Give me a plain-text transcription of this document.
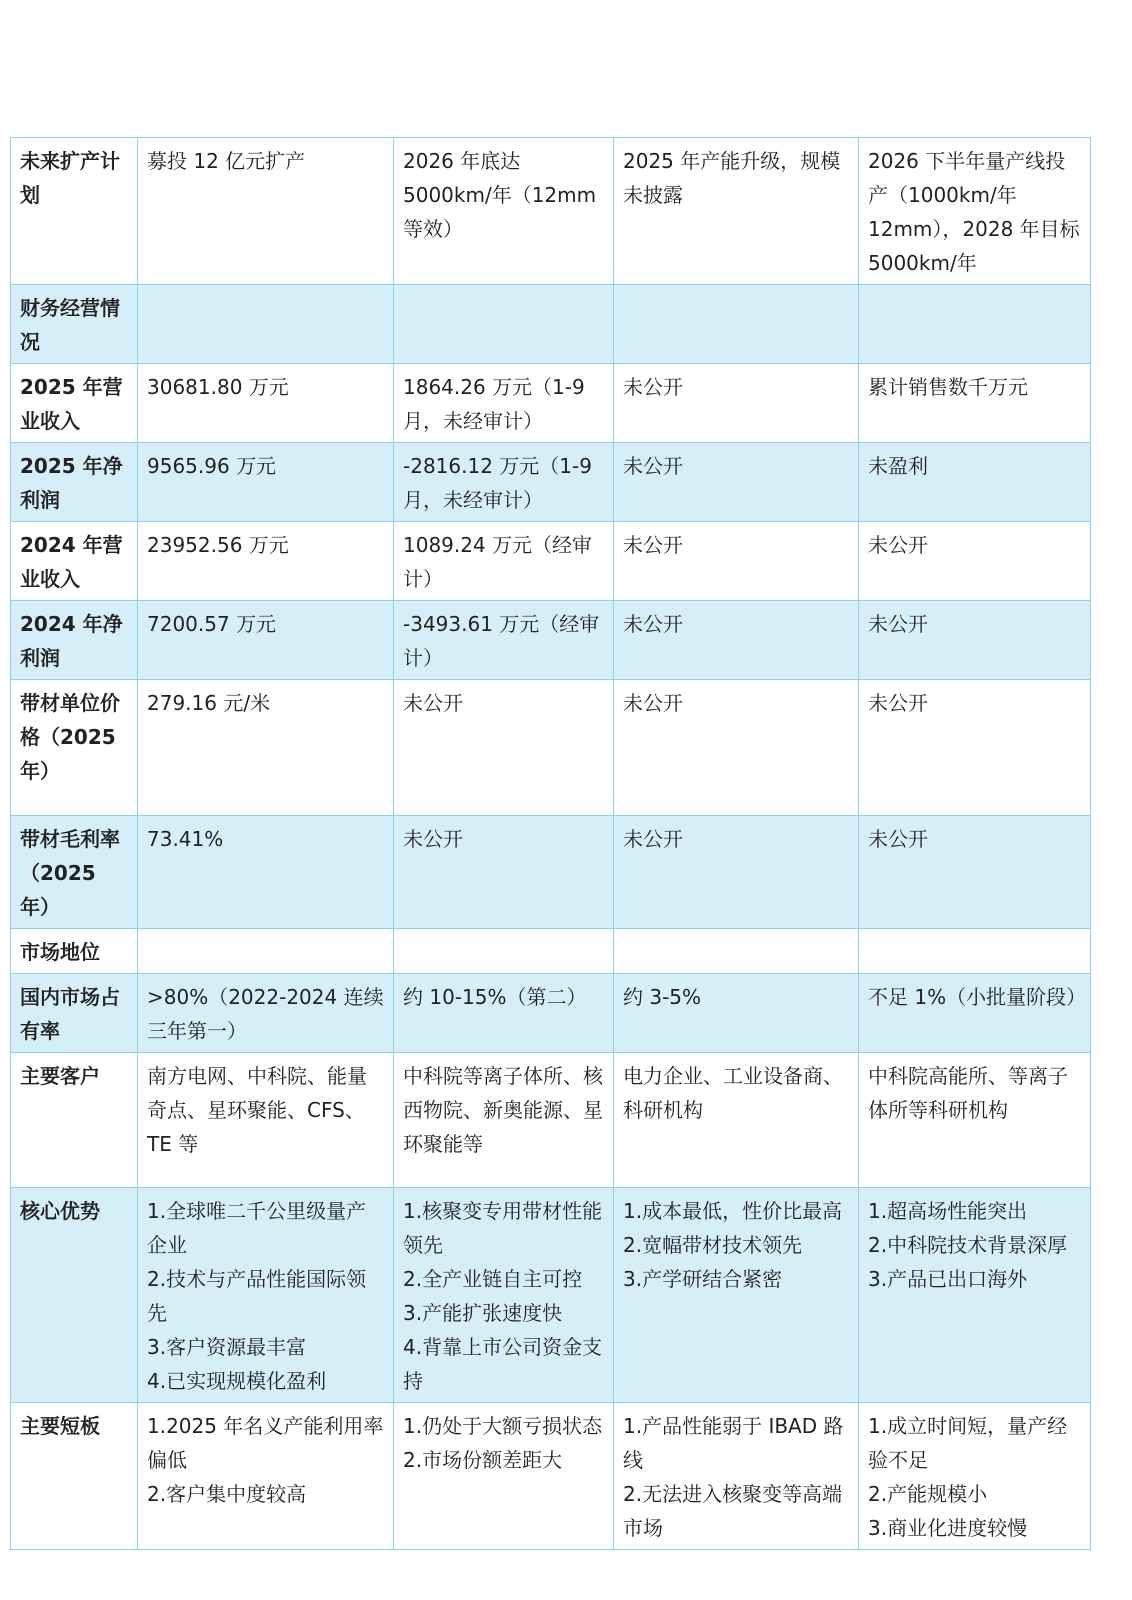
未来扩产计划	募投 12 亿元扩产	2026 年底达 5000km/年（12mm 等效）	2025 年产能升级，规模未披露	2026 下半年量产线投产（1000km/年 12mm），2028 年目标 5000km/年

财务经营情况	

2025 年营业收入	30681.80 万元	1864.26 万元（1-9 月，未经审计）	未公开	累计销售数千万元

2025 年净利润	9565.96 万元	-2816.12 万元（1-9 月，未经审计）	未公开	未盈利

2024 年营业收入	23952.56 万元	1089.24 万元（经审计）	未公开	未公开

2024 年净利润	7200.57 万元	-3493.61 万元（经审计）	未公开	未公开

带材单位价格（2025 年）	279.16 元/米	未公开	未公开	未公开

带材毛利率（2025 年）	73.41%	未公开	未公开	未公开

市场地位	

国内市场占有率	>80%（2022-2024 连续三年第一）	约 10-15%（第二）	约 3-5%	不足 1%（小批量阶段）

主要客户	南方电网、中科院、能量奇点、星环聚能、CFS、TE 等	中科院等离子体所、核西物院、新奥能源、星环聚能等	电力企业、工业设备商、科研机构	中科院高能所、等离子体所等科研机构

核心优势	1.全球唯二千公里级量产企业
2.技术与产品性能国际领先
3.客户资源最丰富
4.已实现规模化盈利	1.核聚变专用带材性能领先
2.全产业链自主可控
3.产能扩张速度快
4.背靠上市公司资金支持	1.成本最低，性价比最高
2.宽幅带材技术领先
3.产学研结合紧密	1.超高场性能突出
2.中科院技术背景深厚
3.产品已出口海外

主要短板	1.2025 年名义产能利用率偏低
2.客户集中度较高	1.仍处于大额亏损状态
2.市场份额差距大	1.产品性能弱于 IBAD 路线
2.无法进入核聚变等高端市场	1.成立时间短，量产经验不足
2.产能规模小
3.商业化进度较慢
